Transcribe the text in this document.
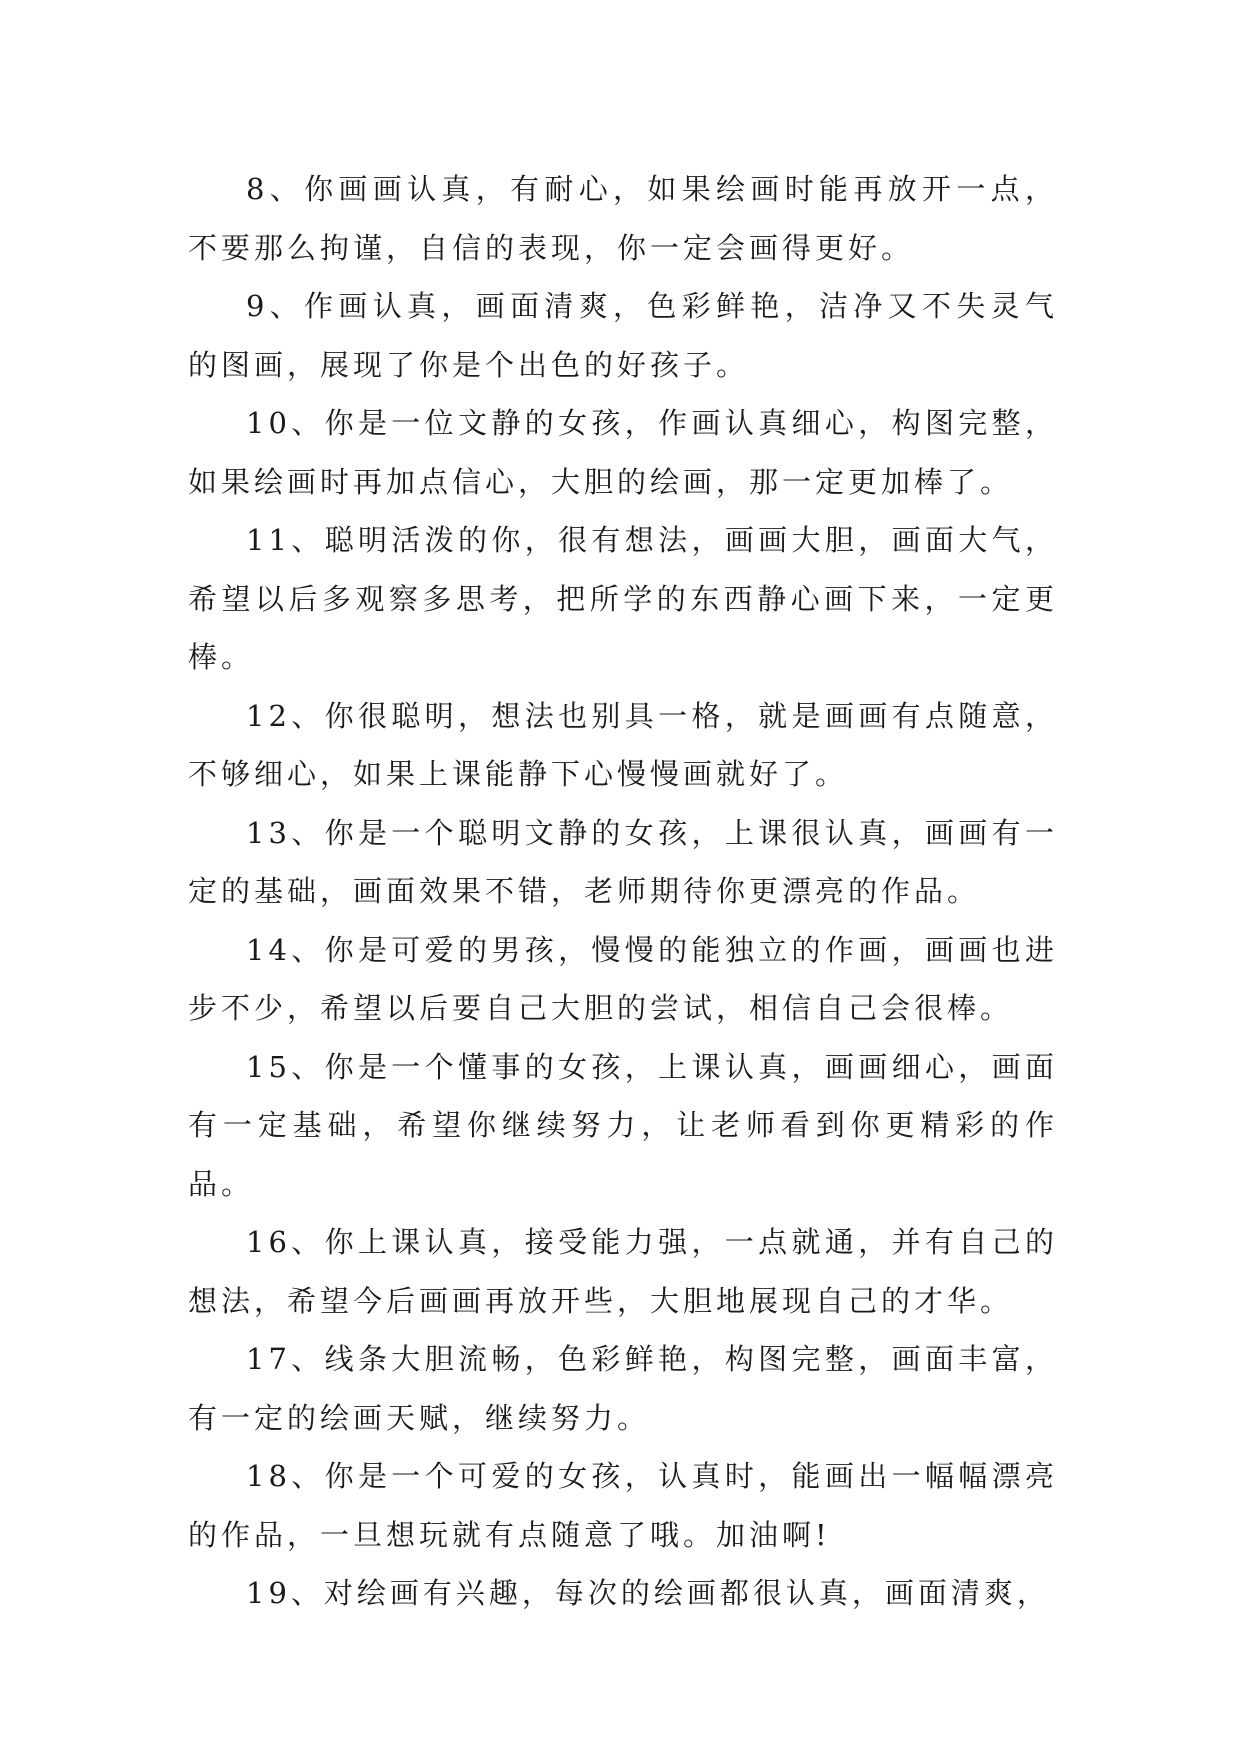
8、你画画认真，有耐心，如果绘画时能再放开一点，不要那么拘谨，自信的表现，你一定会画得更好。

9、作画认真，画面清爽，色彩鲜艳，洁净又不失灵气的图画，展现了你是个出色的好孩子。

10、你是一位文静的女孩，作画认真细心，构图完整，如果绘画时再加点信心，大胆的绘画，那一定更加棒了。

11、聪明活泼的你，很有想法，画画大胆，画面大气，希望以后多观察多思考，把所学的东西静心画下来，一定更棒。

12、你很聪明，想法也别具一格，就是画画有点随意，不够细心，如果上课能静下心慢慢画就好了。

13、你是一个聪明文静的女孩，上课很认真，画画有一定的基础，画面效果不错，老师期待你更漂亮的作品。

14、你是可爱的男孩，慢慢的能独立的作画，画画也进步不少，希望以后要自己大胆的尝试，相信自己会很棒。

15、你是一个懂事的女孩，上课认真，画画细心，画面有一定基础，希望你继续努力，让老师看到你更精彩的作品。

16、你上课认真，接受能力强，一点就通，并有自己的想法，希望今后画画再放开些，大胆地展现自己的才华。

17、线条大胆流畅，色彩鲜艳，构图完整，画面丰富，有一定的绘画天赋，继续努力。

18、你是一个可爱的女孩，认真时，能画出一幅幅漂亮的作品，一旦想玩就有点随意了哦。加油啊!

19、对绘画有兴趣，每次的绘画都很认真，画面清爽，
